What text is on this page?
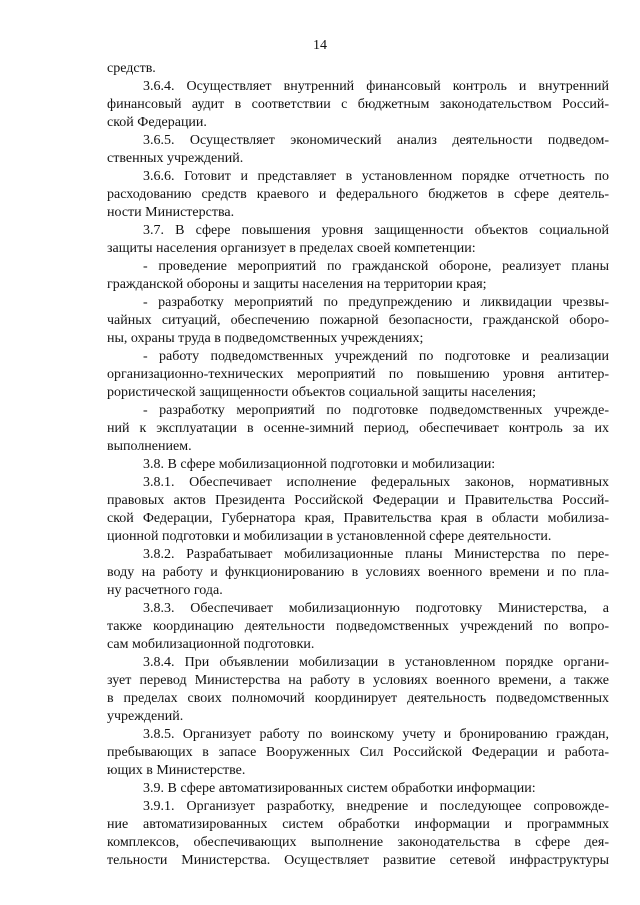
14
средств.
3.6.4. Осуществляет внутренний финансовый контроль и внутренний
финансовый аудит в соответствии с бюджетным законодательством Россий-
ской Федерации.
3.6.5. Осуществляет экономический анализ деятельности подведом-
ственных учреждений.
3.6.6. Готовит и представляет в установленном порядке отчетность по
расходованию средств краевого и федерального бюджетов в сфере деятель-
ности Министерства.
3.7. В сфере повышения уровня защищенности объектов социальной
защиты населения организует в пределах своей компетенции:
- проведение мероприятий по гражданской обороне, реализует планы
гражданской обороны и защиты населения на территории края;
- разработку мероприятий по предупреждению и ликвидации чрезвы-
чайных ситуаций, обеспечению пожарной безопасности, гражданской оборо-
ны, охраны труда в подведомственных учреждениях;
- работу подведомственных учреждений по подготовке и реализации
организационно-технических мероприятий по повышению уровня антитер-
рористической защищенности объектов социальной защиты населения;
- разработку мероприятий по подготовке подведомственных учрежде-
ний к эксплуатации в осенне-зимний период, обеспечивает контроль за их
выполнением.
3.8. В сфере мобилизационной подготовки и мобилизации:
3.8.1. Обеспечивает исполнение федеральных законов, нормативных
правовых актов Президента Российской Федерации и Правительства Россий-
ской Федерации, Губернатора края, Правительства края в области мобилиза-
ционной подготовки и мобилизации в установленной сфере деятельности.
3.8.2. Разрабатывает мобилизационные планы Министерства по пере-
воду на работу и функционированию в условиях военного времени и по пла-
ну расчетного года.
3.8.3. Обеспечивает мобилизационную подготовку Министерства, а
также координацию деятельности подведомственных учреждений по вопро-
сам мобилизационной подготовки.
3.8.4. При объявлении мобилизации в установленном порядке органи-
зует перевод Министерства на работу в условиях военного времени, а также
в пределах своих полномочий координирует деятельность подведомственных
учреждений.
3.8.5. Организует работу по воинскому учету и бронированию граждан,
пребывающих в запасе Вооруженных Сил Российской Федерации и работа-
ющих в Министерстве.
3.9. В сфере автоматизированных систем обработки информации:
3.9.1. Организует разработку, внедрение и последующее сопровожде-
ние автоматизированных систем обработки информации и программных
комплексов, обеспечивающих выполнение законодательства в сфере дея-
тельности Министерства. Осуществляет развитие сетевой инфраструктуры
